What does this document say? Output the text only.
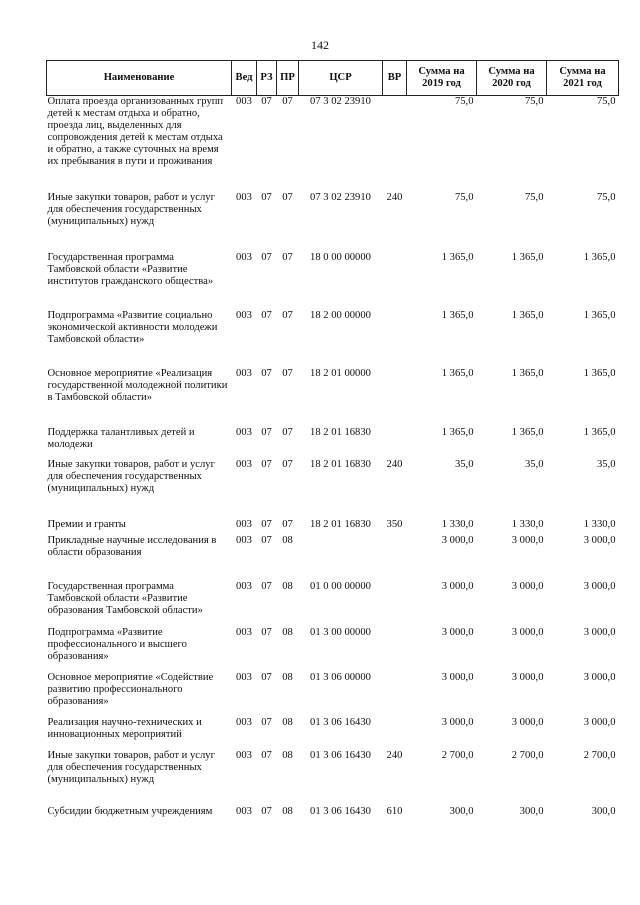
142
Наименование	Вед	РЗ	ПР	ЦСР	ВР	Сумма на 2019 год	Сумма на 2020 год	Сумма на 2021 год
Оплата проезда организованных групп детей к местам отдыха и обратно, проезда лиц, выделенных для сопровождения детей к местам отдыха и обратно, а также суточных на время их пребывания в пути и проживания	003	07	07	07 3 02 23910		75,0	75,0	75,0
Иные закупки товаров, работ и услуг для обеспечения государственных (муниципальных) нужд	003	07	07	07 3 02 23910	240	75,0	75,0	75,0
Государственная программа Тамбовской области «Развитие институтов гражданского общества»	003	07	07	18 0 00 00000		1 365,0	1 365,0	1 365,0
Подпрограмма «Развитие социально экономической активности молодежи Тамбовской области»	003	07	07	18 2 00 00000		1 365,0	1 365,0	1 365,0
Основное мероприятие «Реализация государственной молодежной политики в Тамбовской области»	003	07	07	18 2 01 00000		1 365,0	1 365,0	1 365,0
Поддержка талантливых детей и молодежи	003	07	07	18 2 01 16830		1 365,0	1 365,0	1 365,0
Иные закупки товаров, работ и услуг для обеспечения государственных (муниципальных) нужд	003	07	07	18 2 01 16830	240	35,0	35,0	35,0
Премии и гранты	003	07	07	18 2 01 16830	350	1 330,0	1 330,0	1 330,0
Прикладные научные исследования в области образования	003	07	08			3 000,0	3 000,0	3 000,0
Государственная программа Тамбовской области «Развитие образования Тамбовской области»	003	07	08	01 0 00 00000		3 000,0	3 000,0	3 000,0
Подпрограмма «Развитие профессионального и высшего образования»	003	07	08	01 3 00 00000		3 000,0	3 000,0	3 000,0
Основное мероприятие «Содействие развитию профессионального образования»	003	07	08	01 3 06 00000		3 000,0	3 000,0	3 000,0
Реализация научно-технических и инновационных мероприятий	003	07	08	01 3 06 16430		3 000,0	3 000,0	3 000,0
Иные закупки товаров, работ и услуг для обеспечения государственных (муниципальных) нужд	003	07	08	01 3 06 16430	240	2 700,0	2 700,0	2 700,0
Субсидии бюджетным учреждениям	003	07	08	01 3 06 16430	610	300,0	300,0	300,0
